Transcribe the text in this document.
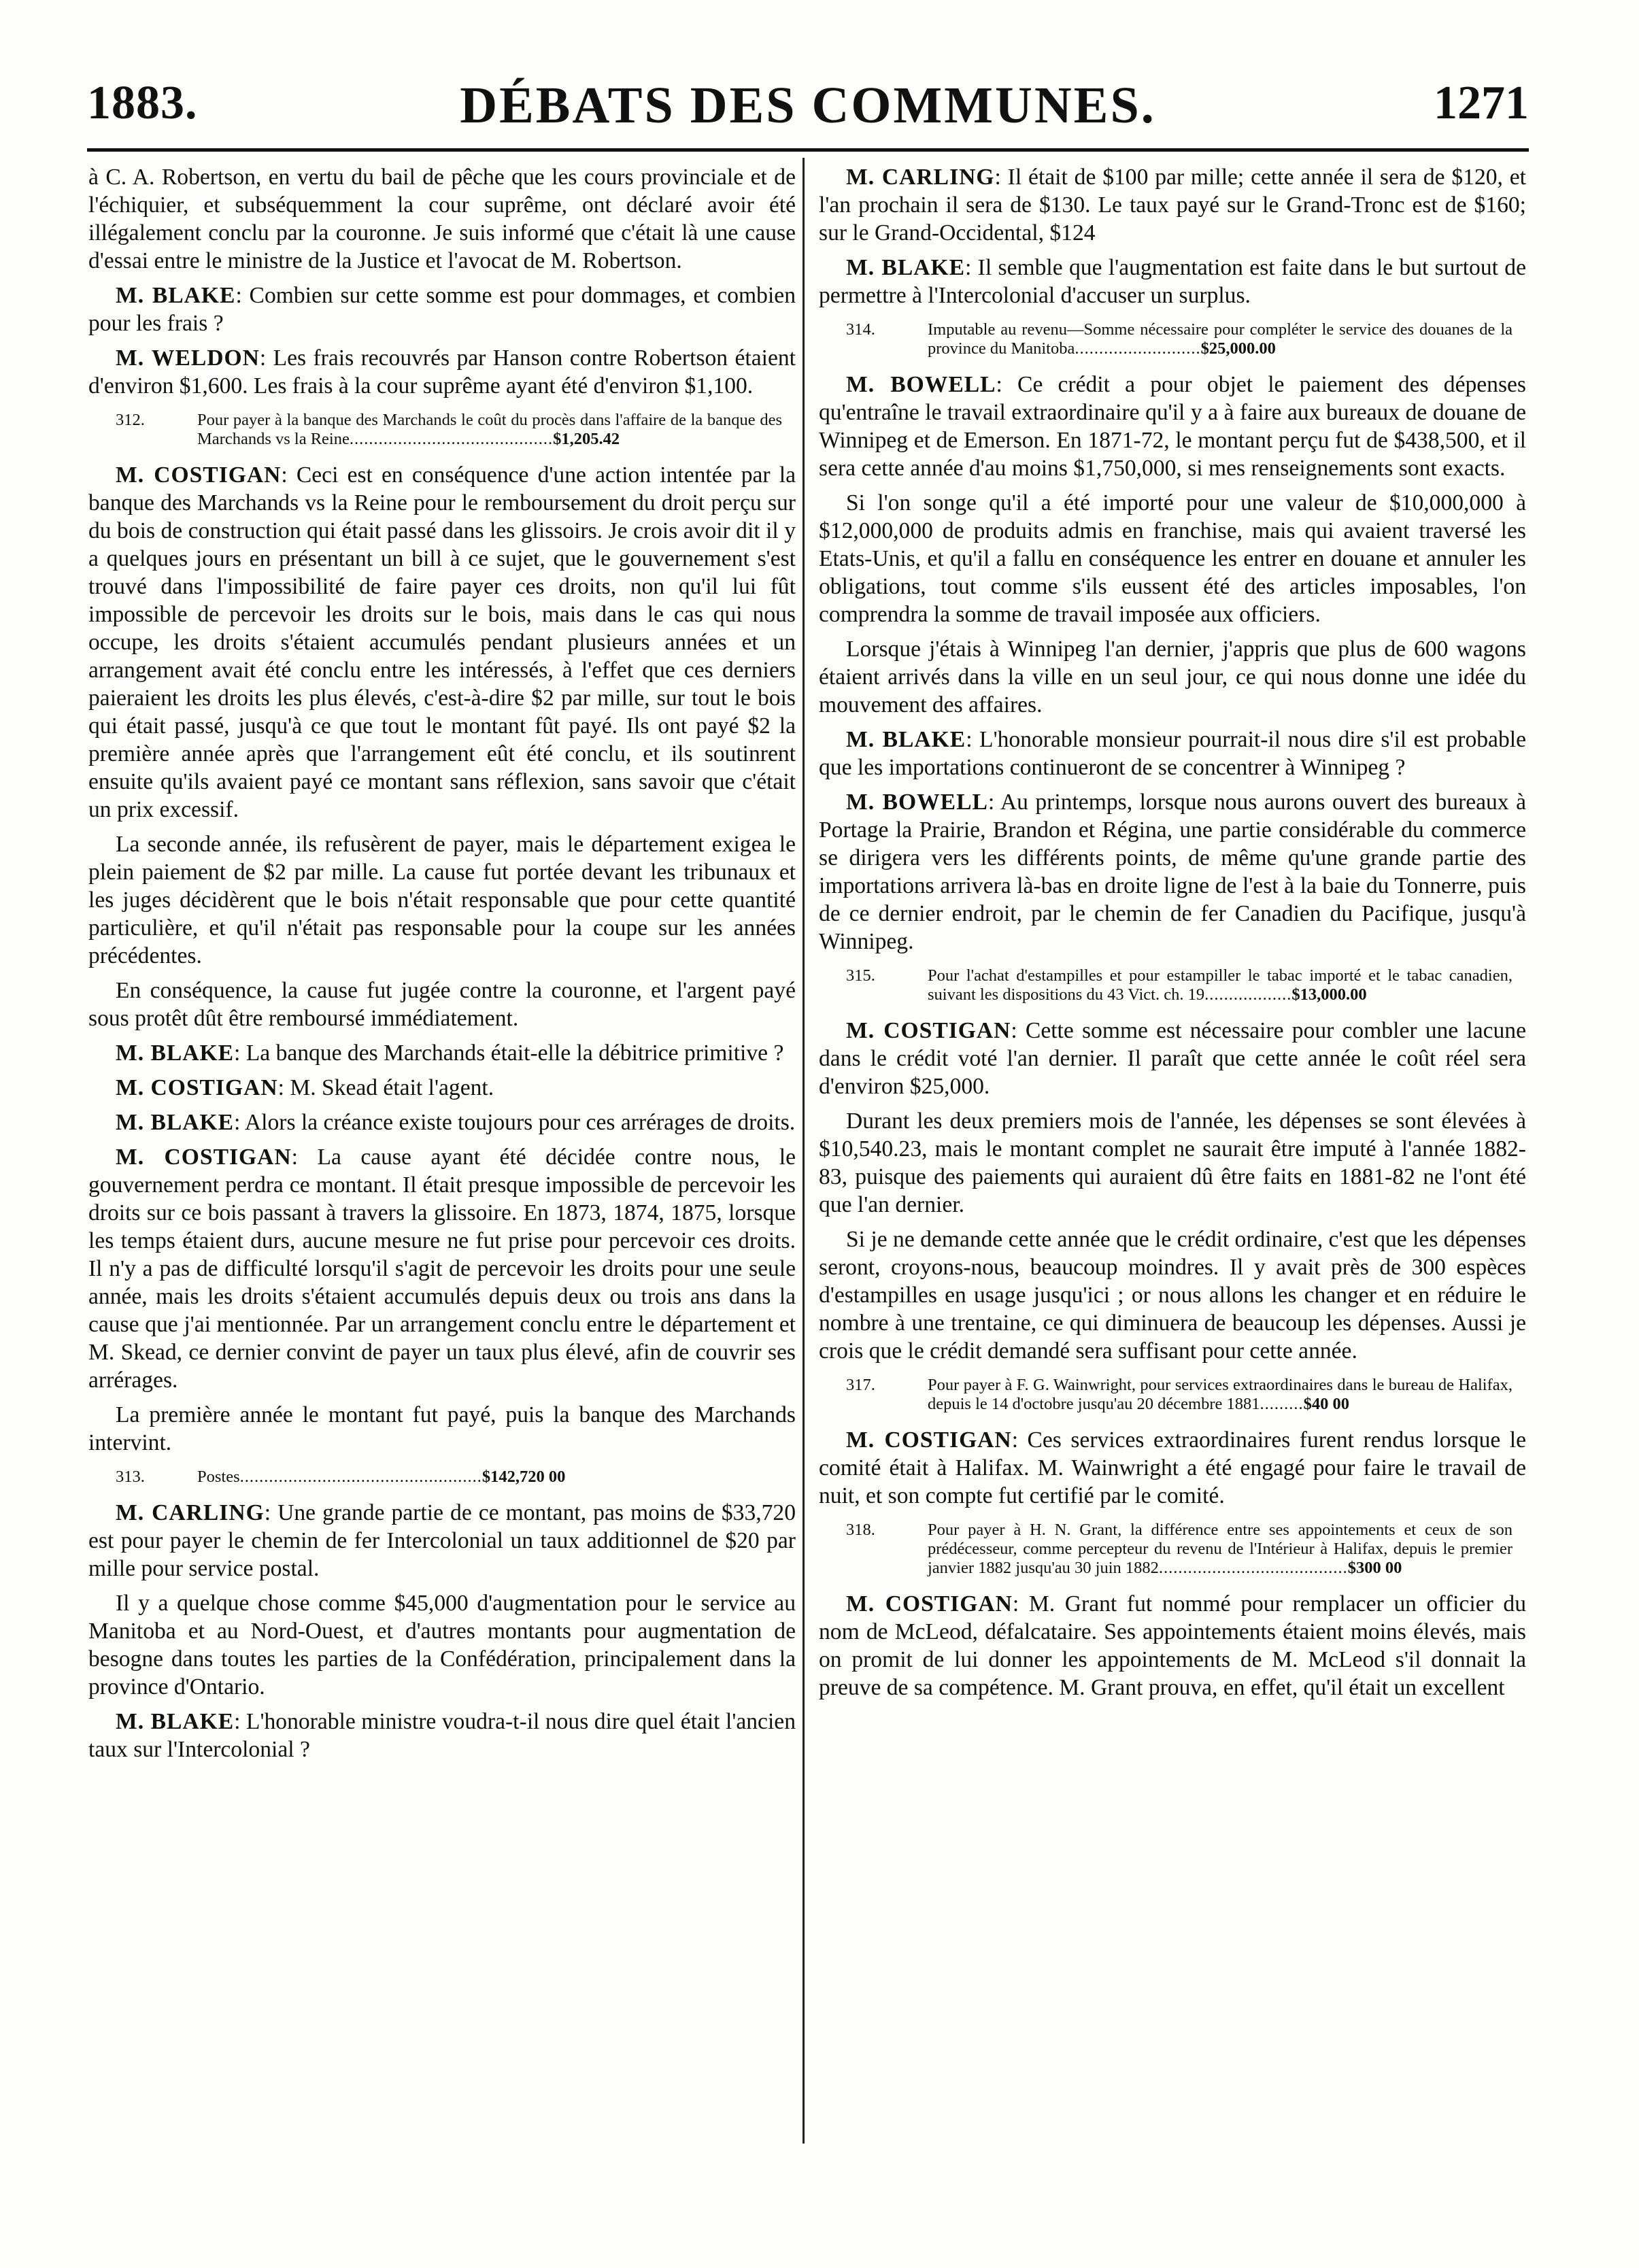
1883.	DÉBATS DES COMMUNES.	1271

à C. A. Robertson, en vertu du bail de pêche que les cours provinciale et de l'échiquier, et subséquemment la cour suprême, ont déclaré avoir été illégalement conclu par la couronne. Je suis informé que c'était là une cause d'essai entre le ministre de la Justice et l'avocat de M. Robertson.

M. BLAKE: Combien sur cette somme est pour dommages, et combien pour les frais ?

M. WELDON: Les frais recouvrés par Hanson contre Robertson étaient d'environ $1,600. Les frais à la cour suprême ayant été d'environ $1,100.

312.	Pour payer à la banque des Marchands le coût du procès dans l'affaire de la banque des Marchands vs la Reine..........................................$1,205.42

M. COSTIGAN: Ceci est en conséquence d'une action intentée par la banque des Marchands vs la Reine pour le remboursement du droit perçu sur du bois de construction qui était passé dans les glissoirs. Je crois avoir dit il y a quelques jours en présentant un bill à ce sujet, que le gouvernement s'est trouvé dans l'impossibilité de faire payer ces droits, non qu'il lui fût impossible de percevoir les droits sur le bois, mais dans le cas qui nous occupe, les droits s'étaient accumulés pendant plusieurs années et un arrangement avait été conclu entre les intéressés, à l'effet que ces derniers paieraient les droits les plus élevés, c'est-à-dire $2 par mille, sur tout le bois qui était passé, jusqu'à ce que tout le montant fût payé. Ils ont payé $2 la première année après que l'arrangement eût été conclu, et ils soutinrent ensuite qu'ils avaient payé ce montant sans réflexion, sans savoir que c'était un prix excessif.

La seconde année, ils refusèrent de payer, mais le département exigea le plein paiement de $2 par mille. La cause fut portée devant les tribunaux et les juges décidèrent que le bois n'était responsable que pour cette quantité particulière, et qu'il n'était pas responsable pour la coupe sur les années précédentes.

En conséquence, la cause fut jugée contre la couronne, et l'argent payé sous protêt dût être remboursé immédiatement.

M. BLAKE: La banque des Marchands était-elle la débitrice primitive ?

M. COSTIGAN: M. Skead était l'agent.

M. BLAKE: Alors la créance existe toujours pour ces arrérages de droits.

M. COSTIGAN: La cause ayant été décidée contre nous, le gouvernement perdra ce montant. Il était presque impossible de percevoir les droits sur ce bois passant à travers la glissoire. En 1873, 1874, 1875, lorsque les temps étaient durs, aucune mesure ne fut prise pour percevoir ces droits. Il n'y a pas de difficulté lorsqu'il s'agit de percevoir les droits pour une seule année, mais les droits s'étaient accumulés depuis deux ou trois ans dans la cause que j'ai mentionnée. Par un arrangement conclu entre le département et M. Skead, ce dernier convint de payer un taux plus élevé, afin de couvrir ses arrérages.

La première année le montant fut payé, puis la banque des Marchands intervint.

313.	Postes..................................................$142,720 00

M. CARLING: Une grande partie de ce montant, pas moins de $33,720 est pour payer le chemin de fer Intercolonial un taux additionnel de $20 par mille pour service postal.

Il y a quelque chose comme $45,000 d'augmentation pour le service au Manitoba et au Nord-Ouest, et d'autres montants pour augmentation de besogne dans toutes les parties de la Confédération, principalement dans la province d'Ontario.

M. BLAKE: L'honorable ministre voudra-t-il nous dire quel était l'ancien taux sur l'Intercolonial ?

M. CARLING: Il était de $100 par mille; cette année il sera de $120, et l'an prochain il sera de $130. Le taux payé sur le Grand-Tronc est de $160; sur le Grand-Occidental, $124

M. BLAKE: Il semble que l'augmentation est faite dans le but surtout de permettre à l'Intercolonial d'accuser un surplus.

314.	Imputable au revenu—Somme nécessaire pour compléter le service des douanes de la province du Manitoba..........................$25,000.00

M. BOWELL: Ce crédit a pour objet le paiement des dépenses qu'entraîne le travail extraordinaire qu'il y a à faire aux bureaux de douane de Winnipeg et de Emerson. En 1871-72, le montant perçu fut de $438,500, et il sera cette année d'au moins $1,750,000, si mes renseignements sont exacts.

Si l'on songe qu'il a été importé pour une valeur de $10,000,000 à $12,000,000 de produits admis en franchise, mais qui avaient traversé les Etats-Unis, et qu'il a fallu en conséquence les entrer en douane et annuler les obligations, tout comme s'ils eussent été des articles imposables, l'on comprendra la somme de travail imposée aux officiers.

Lorsque j'étais à Winnipeg l'an dernier, j'appris que plus de 600 wagons étaient arrivés dans la ville en un seul jour, ce qui nous donne une idée du mouvement des affaires.

M. BLAKE: L'honorable monsieur pourrait-il nous dire s'il est probable que les importations continueront de se concentrer à Winnipeg ?

M. BOWELL: Au printemps, lorsque nous aurons ouvert des bureaux à Portage la Prairie, Brandon et Régina, une partie considérable du commerce se dirigera vers les différents points, de même qu'une grande partie des importations arrivera là-bas en droite ligne de l'est à la baie du Tonnerre, puis de ce dernier endroit, par le chemin de fer Canadien du Pacifique, jusqu'à Winnipeg.

315.	Pour l'achat d'estampilles et pour estampiller le tabac importé et le tabac canadien, suivant les dispositions du 43 Vict. ch. 19..................$13,000.00

M. COSTIGAN: Cette somme est nécessaire pour combler une lacune dans le crédit voté l'an dernier. Il paraît que cette année le coût réel sera d'environ $25,000.

Durant les deux premiers mois de l'année, les dépenses se sont élevées à $10,540.23, mais le montant complet ne saurait être imputé à l'année 1882-83, puisque des paiements qui auraient dû être faits en 1881-82 ne l'ont été que l'an dernier.

Si je ne demande cette année que le crédit ordinaire, c'est que les dépenses seront, croyons-nous, beaucoup moindres. Il y avait près de 300 espèces d'estampilles en usage jusqu'ici ; or nous allons les changer et en réduire le nombre à une trentaine, ce qui diminuera de beaucoup les dépenses. Aussi je crois que le crédit demandé sera suffisant pour cette année.

317.	Pour payer à F. G. Wainwright, pour services extraordinaires dans le bureau de Halifax, depuis le 14 d'octobre jusqu'au 20 décembre 1881.........$40 00

M. COSTIGAN: Ces services extraordinaires furent rendus lorsque le comité était à Halifax. M. Wainwright a été engagé pour faire le travail de nuit, et son compte fut certifié par le comité.

318.	Pour payer à H. N. Grant, la différence entre ses appointements et ceux de son prédécesseur, comme percepteur du revenu de l'Intérieur à Halifax, depuis le premier janvier 1882 jusqu'au 30 juin 1882.......................................$300 00

M. COSTIGAN: M. Grant fut nommé pour remplacer un officier du nom de McLeod, défalcataire. Ses appointements étaient moins élevés, mais on promit de lui donner les appointements de M. McLeod s'il donnait la preuve de sa compétence. M. Grant prouva, en effet, qu'il était un excellent
